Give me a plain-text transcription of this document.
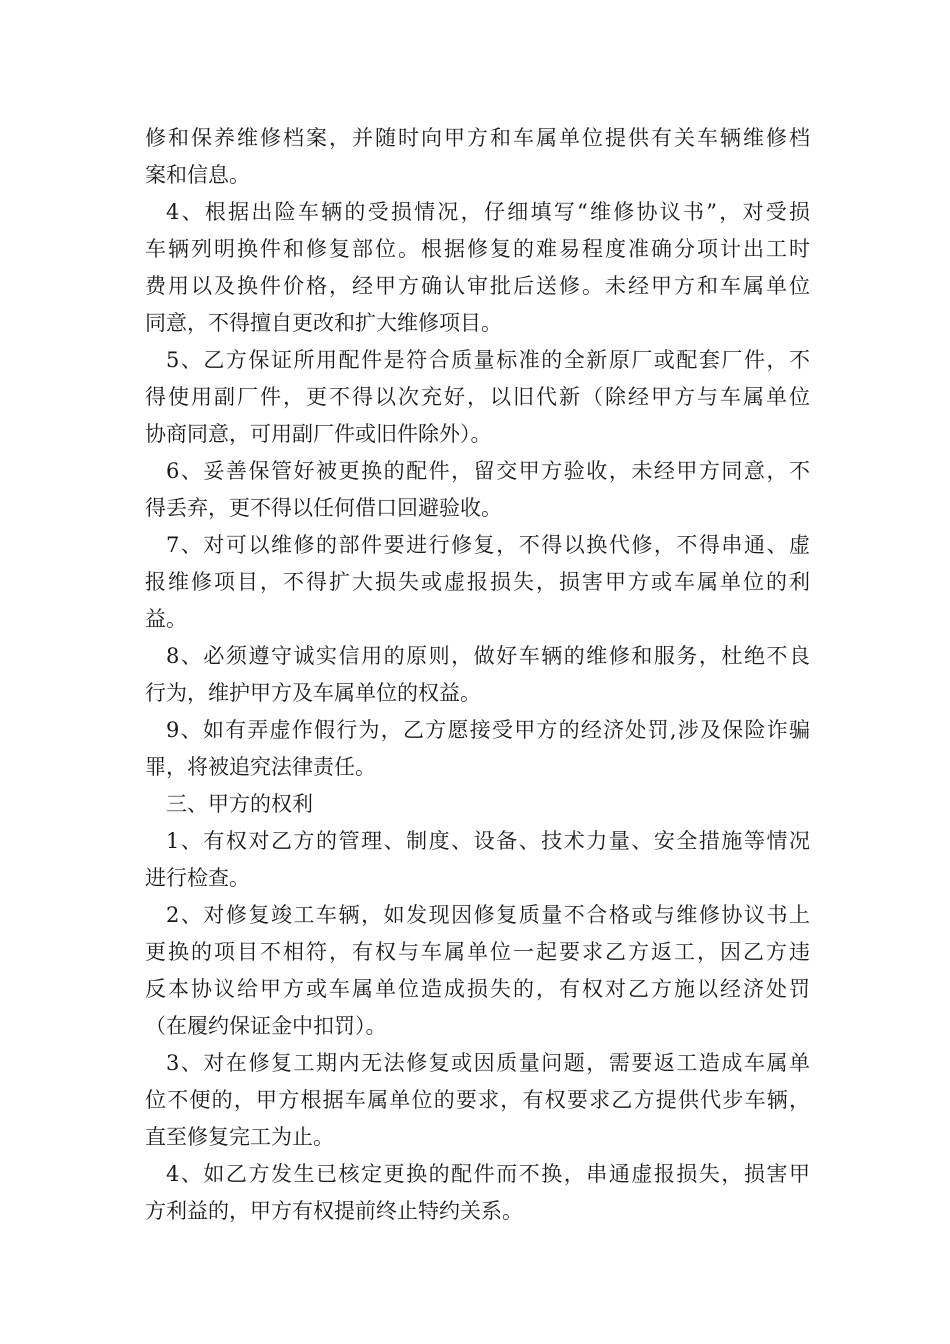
修和保养维修档案，并随时向甲方和车属单位提供有关车辆维修档
案和信息。
4、根据出险车辆的受损情况，仔细填写“维修协议书”，对受损
车辆列明换件和修复部位。根据修复的难易程度准确分项计出工时
费用以及换件价格，经甲方确认审批后送修。未经甲方和车属单位
同意，不得擅自更改和扩大维修项目。
5、乙方保证所用配件是符合质量标准的全新原厂或配套厂件，不
得使用副厂件，更不得以次充好，以旧代新（除经甲方与车属单位
协商同意，可用副厂件或旧件除外）。
6、妥善保管好被更换的配件，留交甲方验收，未经甲方同意，不
得丢弃，更不得以任何借口回避验收。
7、对可以维修的部件要进行修复，不得以换代修，不得串通、虚
报维修项目，不得扩大损失或虚报损失，损害甲方或车属单位的利
益。
8、必须遵守诚实信用的原则，做好车辆的维修和服务，杜绝不良
行为，维护甲方及车属单位的权益。
9、如有弄虚作假行为，乙方愿接受甲方的经济处罚,涉及保险诈骗
罪，将被追究法律责任。
三、甲方的权利
1、有权对乙方的管理、制度、设备、技术力量、安全措施等情况
进行检查。
2、对修复竣工车辆，如发现因修复质量不合格或与维修协议书上
更换的项目不相符，有权与车属单位一起要求乙方返工，因乙方违
反本协议给甲方或车属单位造成损失的，有权对乙方施以经济处罚
（在履约保证金中扣罚）。
3、对在修复工期内无法修复或因质量问题，需要返工造成车属单
位不便的，甲方根据车属单位的要求，有权要求乙方提供代步车辆，
直至修复完工为止。
4、如乙方发生已核定更换的配件而不换，串通虚报损失，损害甲
方利益的，甲方有权提前终止特约关系。
